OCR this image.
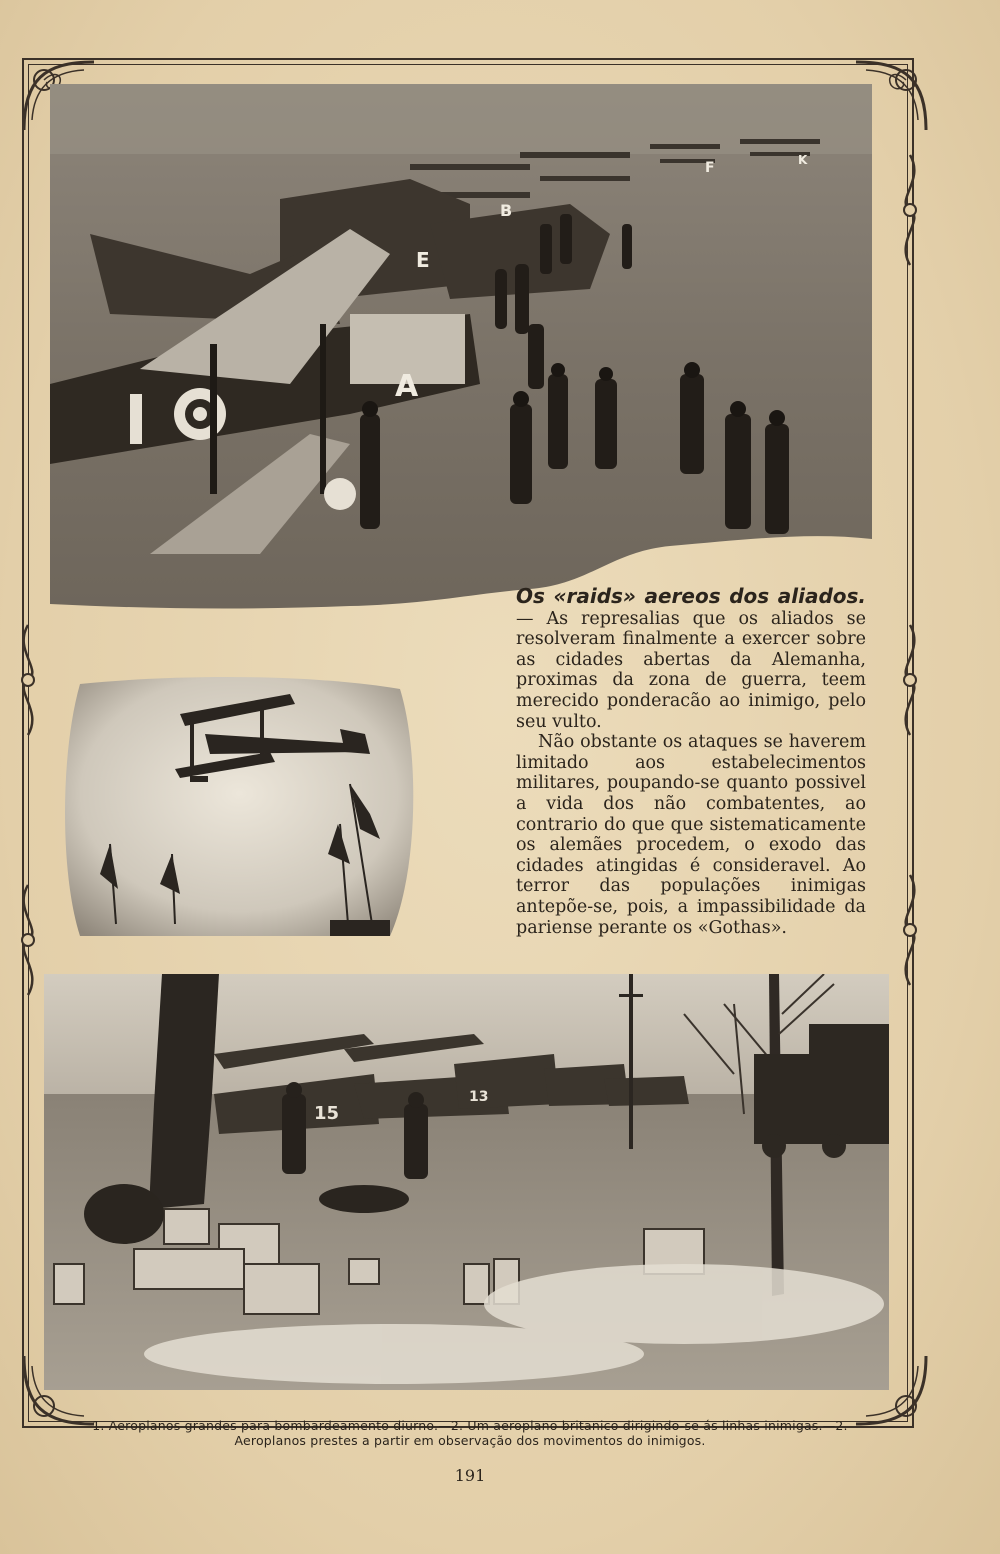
A
E
B
F	K
15
13

Os «raids» aereos dos aliados.— As represalias que os aliados se resolveram finalmente a exercer sobre as cidades abertas da Alemanha, proximas da zona de guerra, teem merecido ponderacão ao inimigo, pelo seu vulto.

Não obstante os ataques se haverem limitado aos estabelecimentos militares, poupando-se quanto possivel a vida dos não combatentes, ao contrario do que que sistematicamente os alemães procedem, o exodo das cidades atingidas é consideravel. Ao terror das populações inimigas antepõe-se, pois, a impassibilidade da pariense perante os «Gothas».

1. Aeroplanos grandes para bombardeamento diurno.—2. Um aeroplano britanico dirigindo-se ás linhas inimigas.—2. Aeroplanos prestes a partir em observação dos movimentos do inimigos.
191
